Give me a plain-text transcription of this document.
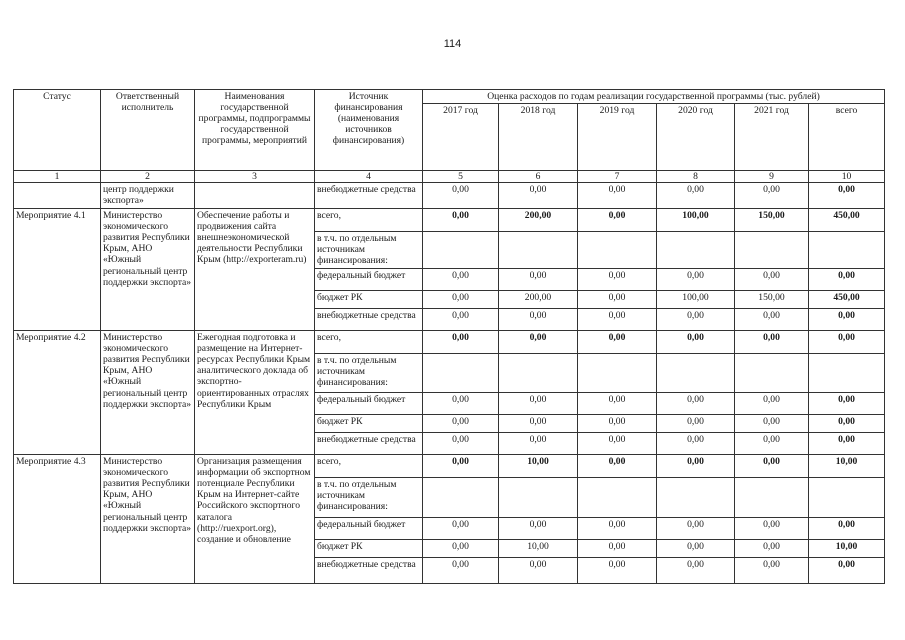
114
Статус	Ответственный исполнитель	Наименования государственной программы, подпрограммы государственной программы, мероприятий	Источник финансирования (наименования источников финансирования)	Оценка расходов по годам реализации государственной программы (тыс. рублей)					
				2017 год	2018 год	2019 год	2020 год	2021 год	всего
1	2	3	4	5	6	7	8	9	10
	центр поддержки экспорта»		внебюджетные средства	0,00	0,00	0,00	0,00	0,00	0,00
Мероприятие 4.1	Министерство экономического развития Республики Крым, АНО «Южный региональный центр поддержки экспорта»	Обеспечение работы и продвижения сайта внешнеэкономической деятельности Республики Крым (http://exporteram.ru)	всего,	0,00	200,00	0,00	100,00	150,00	450,00
			в т.ч. по отдельным источникам финансирования:						
			федеральный бюджет	0,00	0,00	0,00	0,00	0,00	0,00
			бюджет РК	0,00	200,00	0,00	100,00	150,00	450,00
			внебюджетные средства	0,00	0,00	0,00	0,00	0,00	0,00
Мероприятие 4.2	Министерство экономического развития Республики Крым, АНО «Южный региональный центр поддержки экспорта»	Ежегодная подготовка и размещение на Интернет-ресурсах Республики Крым аналитического доклада об экспортно-ориентированных отраслях Республики Крым	всего,	0,00	0,00	0,00	0,00	0,00	0,00
			в т.ч. по отдельным источникам финансирования:						
			федеральный бюджет	0,00	0,00	0,00	0,00	0,00	0,00
			бюджет РК	0,00	0,00	0,00	0,00	0,00	0,00
			внебюджетные средства	0,00	0,00	0,00	0,00	0,00	0,00
Мероприятие 4.3	Министерство экономического развития Республики Крым, АНО «Южный региональный центр поддержки экспорта»	Организация размещения информации об экспортном потенциале Республики Крым на Интернет-сайте Российского экспортного каталога (http://ruexport.org), создание и обновление	всего,	0,00	10,00	0,00	0,00	0,00	10,00
			в т.ч. по отдельным источникам финансирования:						
			федеральный бюджет	0,00	0,00	0,00	0,00	0,00	0,00
			бюджет РК	0,00	10,00	0,00	0,00	0,00	10,00
			внебюджетные средства	0,00	0,00	0,00	0,00	0,00	0,00
